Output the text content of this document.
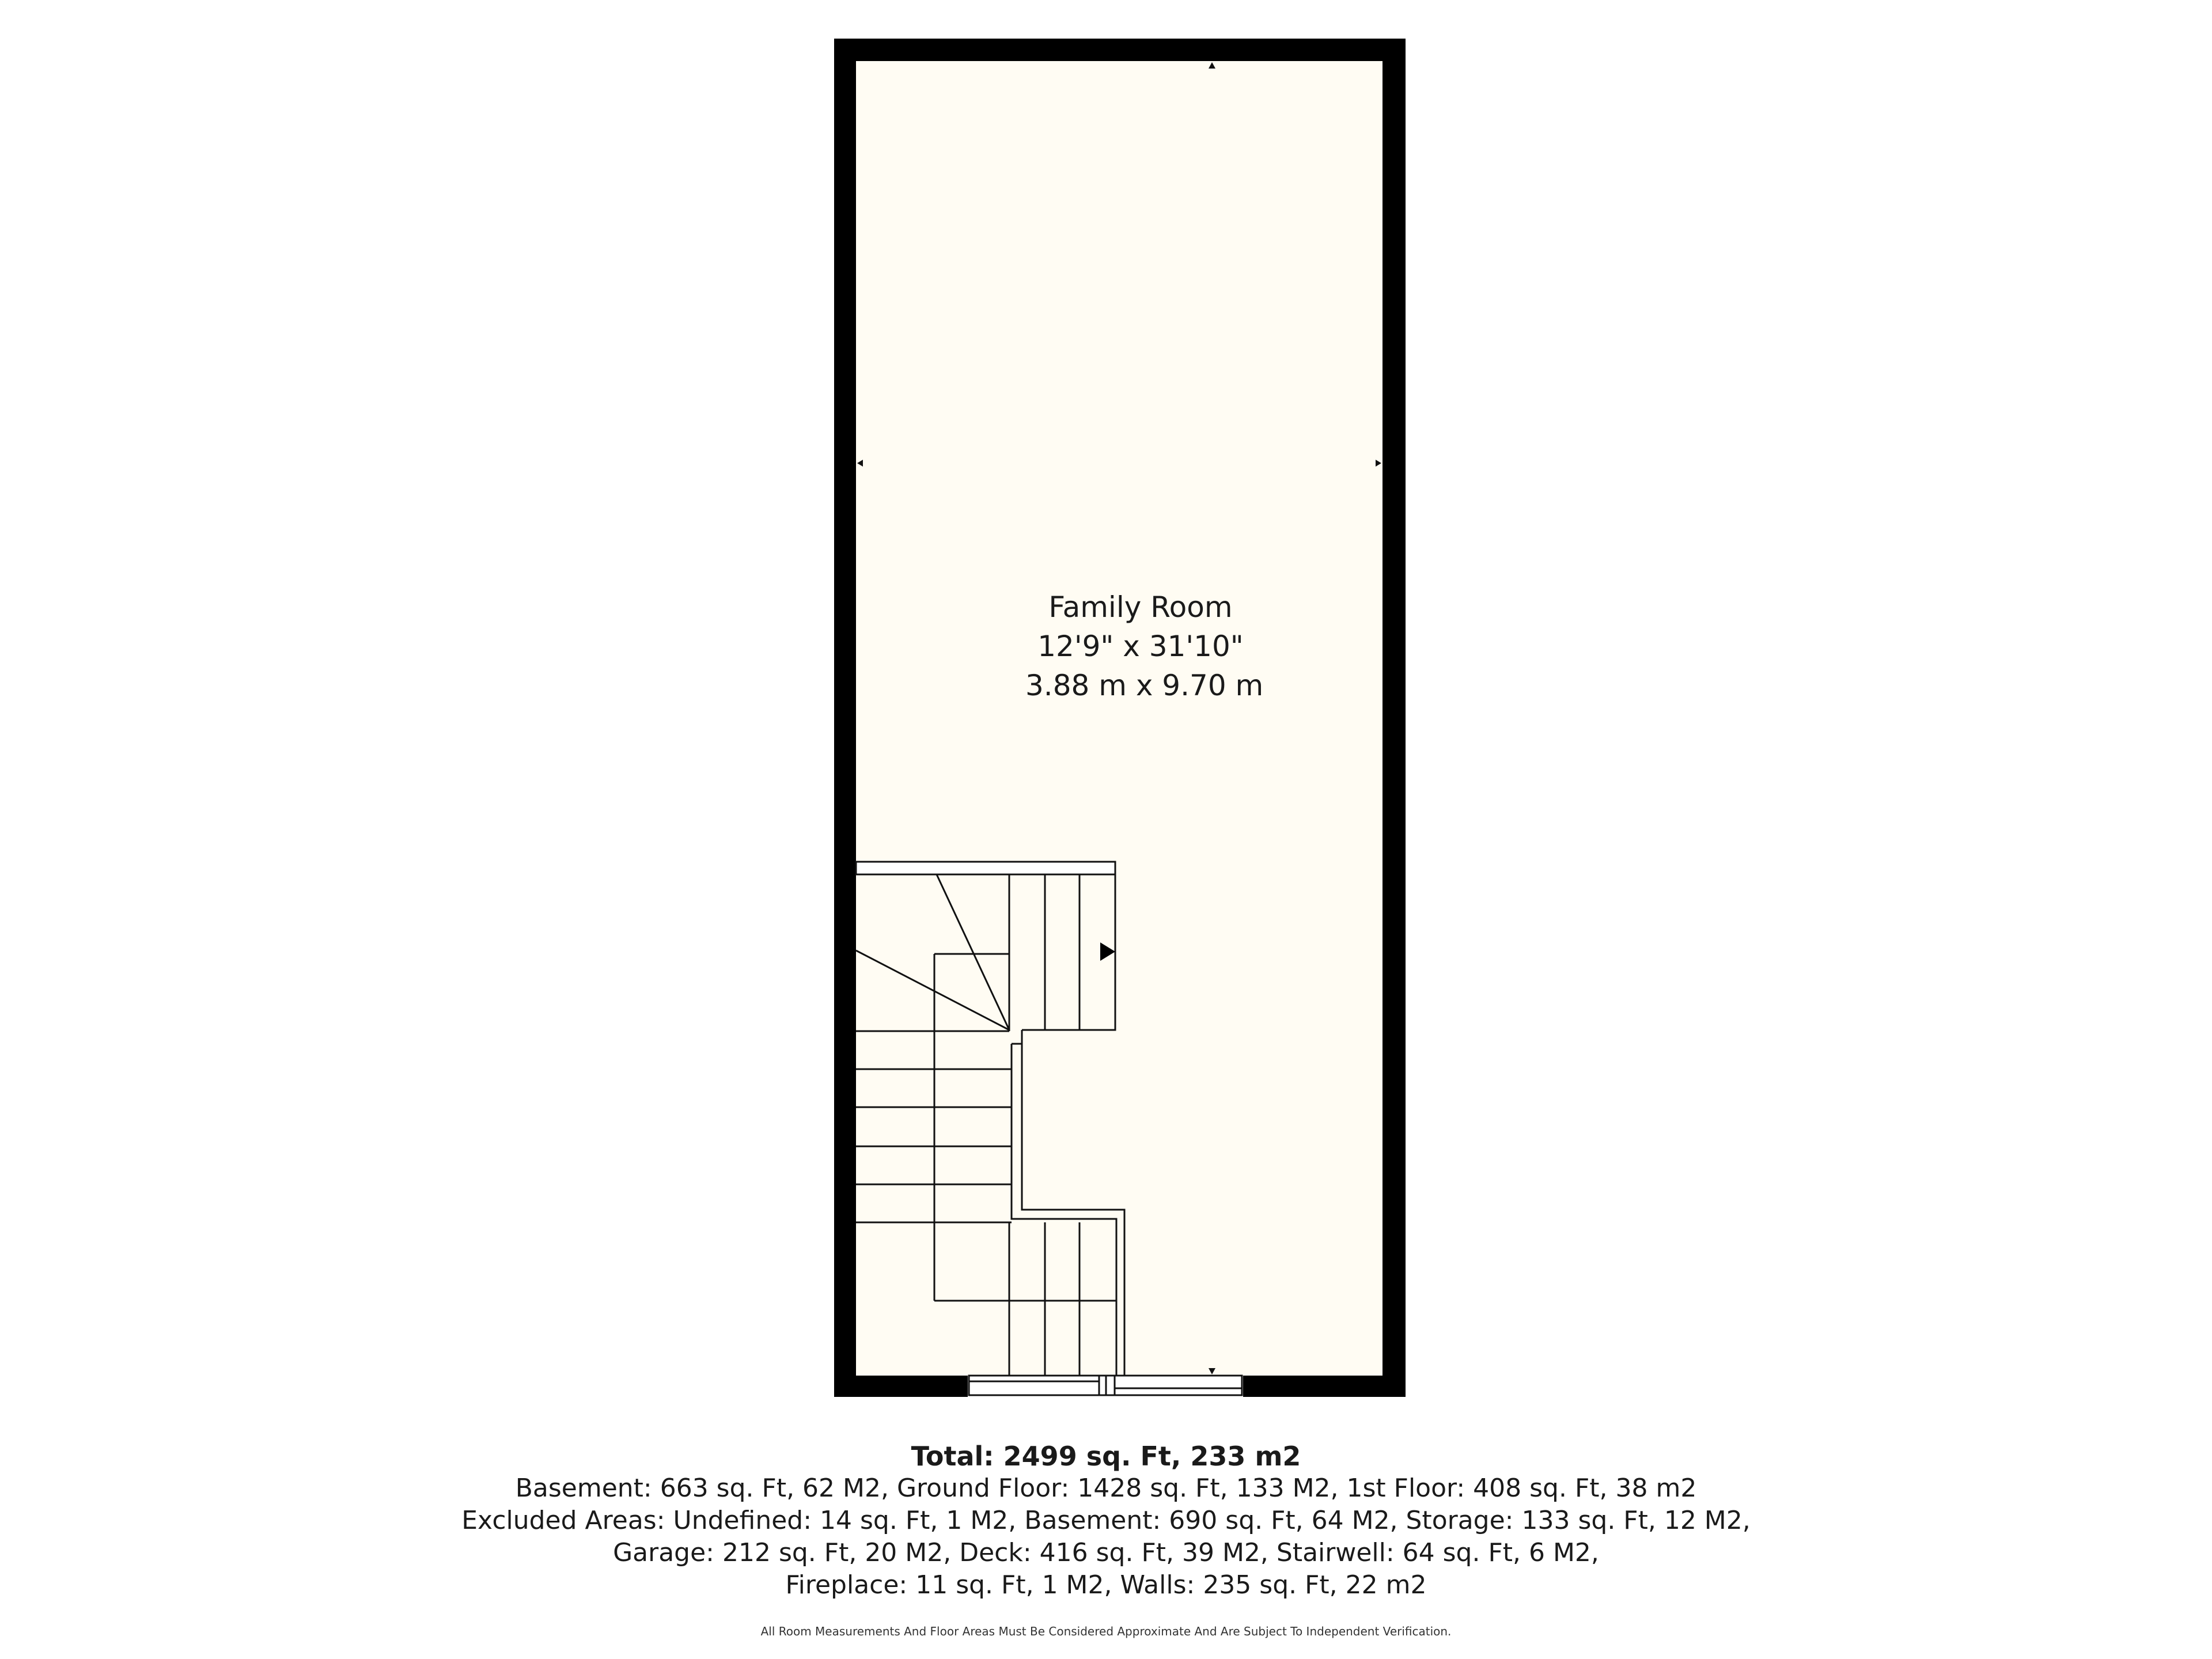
Family Room
12'9" x 31'10"
3.88 m x 9.70 m
Total: 2499 sq. Ft, 233 m2
Basement: 663 sq. Ft, 62 M2, Ground Floor: 1428 sq. Ft, 133 M2, 1st Floor: 408 sq. Ft, 38 m2
Excluded Areas: Undefined: 14 sq. Ft, 1 M2, Basement: 690 sq. Ft, 64 M2, Storage: 133 sq. Ft, 12 M2,
Garage: 212 sq. Ft, 20 M2, Deck: 416 sq. Ft, 39 M2, Stairwell: 64 sq. Ft, 6 M2,
Fireplace: 11 sq. Ft, 1 M2, Walls: 235 sq. Ft, 22 m2
All Room Measurements And Floor Areas Must Be Considered Approximate And Are Subject To Independent Verification.
